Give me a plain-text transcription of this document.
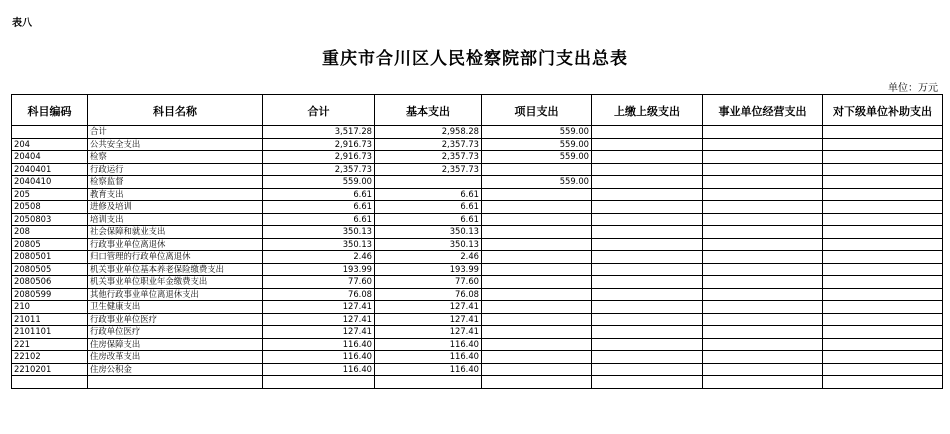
表八
重庆市合川区人民检察院部门支出总表
单位：万元
科目编码	科目名称	合计	基本支出	项目支出	上缴上级支出	事业单位经营支出	对下级单位补助支出
	合计	3,517.28	2,958.28	559.00			
204	公共安全支出	2,916.73	2,357.73	559.00			
20404	检察	2,916.73	2,357.73	559.00			
2040401	行政运行	2,357.73	2,357.73				
2040410	检察监督	559.00		559.00			
205	教育支出	6.61	6.61				
20508	进修及培训	6.61	6.61				
2050803	培训支出	6.61	6.61				
208	社会保障和就业支出	350.13	350.13				
20805	行政事业单位离退休	350.13	350.13				
2080501	归口管理的行政单位离退休	2.46	2.46				
2080505	机关事业单位基本养老保险缴费支出	193.99	193.99				
2080506	机关事业单位职业年金缴费支出	77.60	77.60				
2080599	其他行政事业单位离退休支出	76.08	76.08				
210	卫生健康支出	127.41	127.41				
21011	行政事业单位医疗	127.41	127.41				
2101101	行政单位医疗	127.41	127.41				
221	住房保障支出	116.40	116.40				
22102	住房改革支出	116.40	116.40				
2210201	住房公积金	116.40	116.40				
